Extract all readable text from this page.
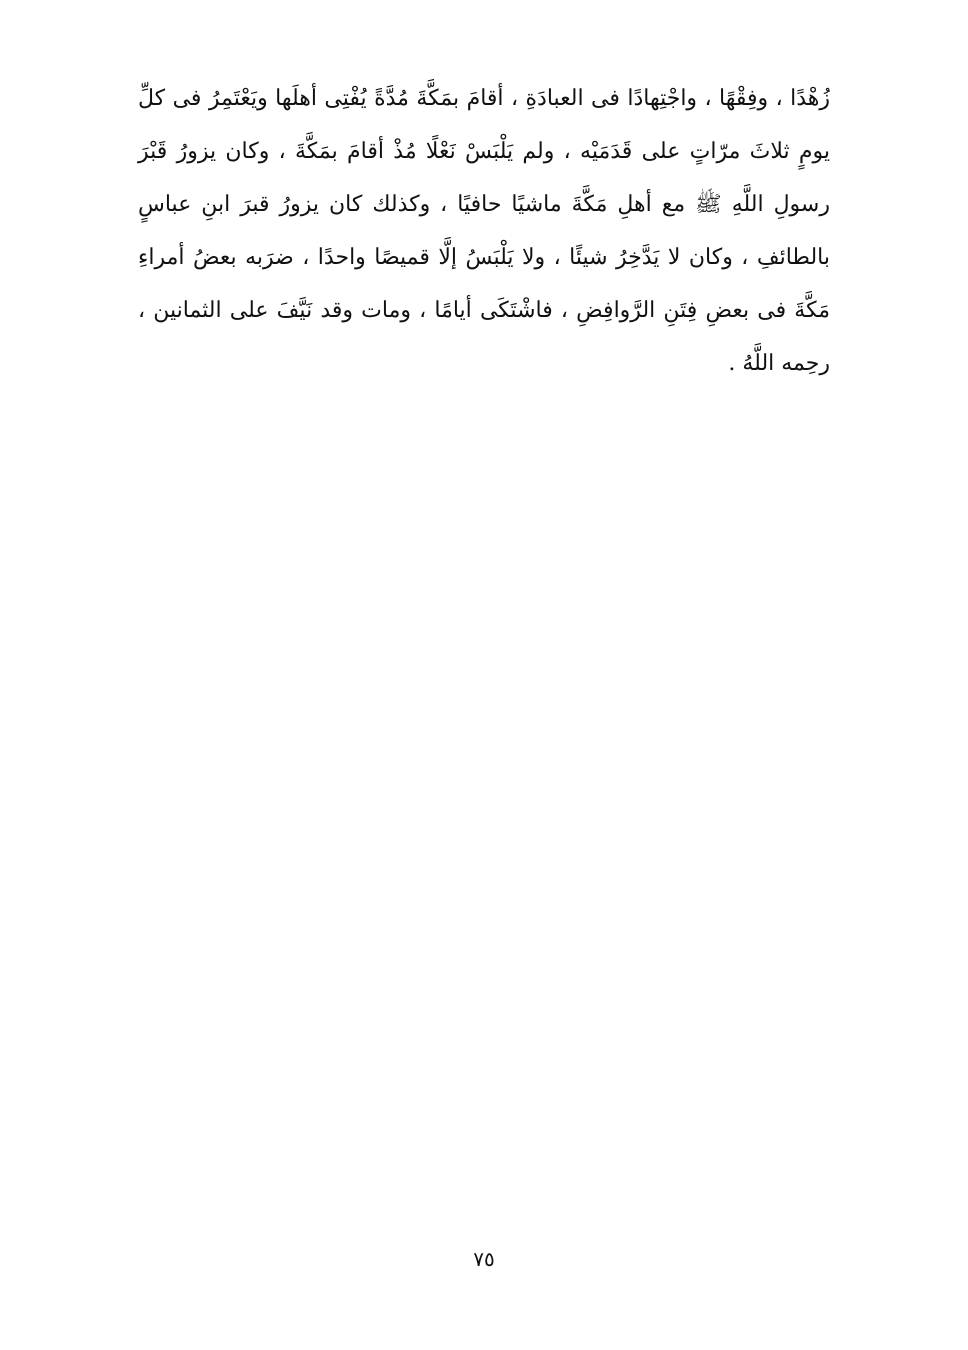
زُهْدًا ، وفِقْهًا ، واجْتِهادًا فى العبادَةِ ، أقامَ بمَكَّةَ مُدَّةً يُفْتِى أهلَها ويَعْتَمِرُ فى كلِّ
يومٍ ثلاثَ مرّاتٍ على قَدَمَيْه ، ولم يَلْبَسْ نَعْلًا مُذْ أقامَ بمَكَّةَ ، وكان يزورُ قَبْرَ
رسولِ اللَّهِ ﷺ مع أهلِ مَكَّةَ ماشيًا حافيًا ، وكذلك كان يزورُ قبرَ ابنِ عباسٍ
بالطائفِ ، وكان لا يَدَّخِرُ شيئًا ، ولا يَلْبَسُ إلَّا قميصًا واحدًا ، ضرَبه بعضُ أمراءِ
مَكَّةَ فى بعضِ فِتَنِ الرَّوافِضِ ، فاشْتَكَى أيامًا ، ومات وقد نَيَّفَ على الثمانين ،
رحِمه اللَّهُ .
٧٥
